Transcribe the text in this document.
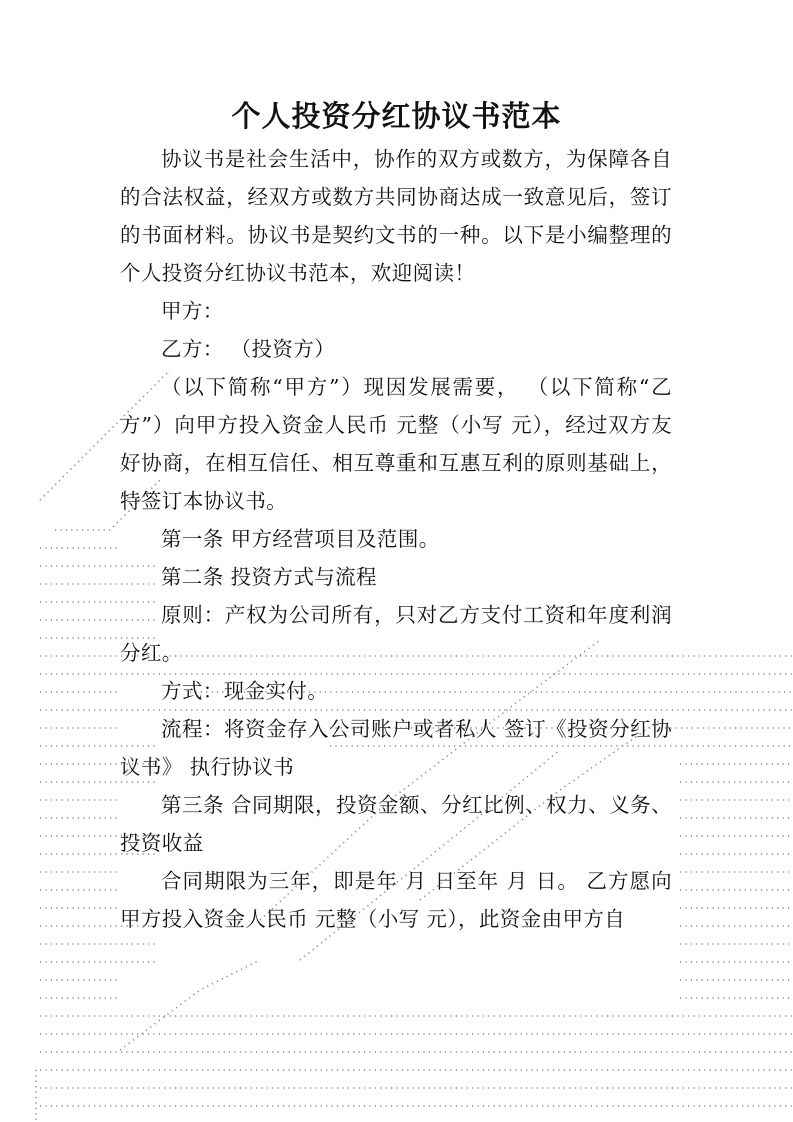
个人投资分红协议书范本

协议书是社会生活中，协作的双方或数方，为保障各自的合法权益，经双方或数方共同协商达成一致意见后，签订的书面材料。协议书是契约文书的一种。以下是小编整理的个人投资分红协议书范本，欢迎阅读！

甲方：

乙方： （投资方）

（以下简称“甲方”）现因发展需要， （以下简称“乙方”）向甲方投入资金人民币 元整（小写 元），经过双方友好协商，在相互信任、相互尊重和互惠互利的原则基础上，特签订本协议书。

第一条 甲方经营项目及范围。

第二条 投资方式与流程

原则：产权为公司所有，只对乙方支付工资和年度利润分红。

方式：现金实付。

流程：将资金存入公司账户或者私人 签订《投资分红协议书》 执行协议书

第三条 合同期限，投资金额、分红比例、权力、义务、投资收益

合同期限为三年，即是年 月 日至年 月 日。 乙方愿向甲方投入资金人民币 元整（小写 元），此资金由甲方自
